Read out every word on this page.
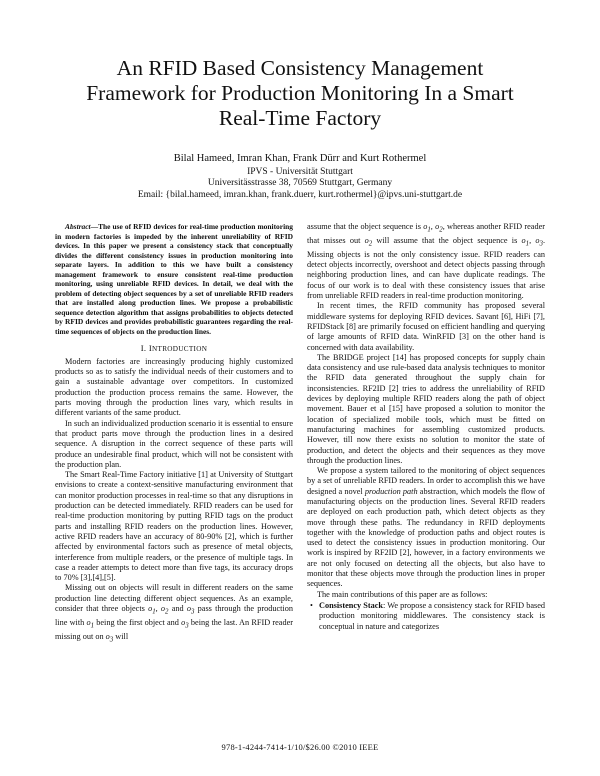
An RFID Based Consistency Management
Framework for Production Monitoring In a Smart
Real-Time Factory
Bilal Hameed, Imran Khan, Frank Dürr and Kurt Rothermel
IPVS - Universität Stuttgart
Universitässtrasse 38, 70569 Stuttgart, Germany
Email: {bilal.hameed, imran.khan, frank.duerr, kurt.rothermel}@ipvs.uni-stuttgart.de

Abstract—The use of RFID devices for real-time production monitoring in modern factories is impeded by the inherent unreliability of RFID devices. In this paper we present a consistency stack that conceptually divides the different consistency issues in production monitoring into separate layers. In addition to this we have built a consistency management framework to ensure consistent real-time production monitoring, using unreliable RFID devices. In detail, we deal with the problem of detecting object sequences by a set of unreliable RFID readers that are installed along production lines. We propose a probabilistic sequence detection algorithm that assigns probabilities to objects detected by RFID devices and provides probabilistic guarantees regarding the real-time sequences of objects on the production lines.

I. INTRODUCTION

Modern factories are increasingly producing highly customized products so as to satisfy the individual needs of their customers and to gain a sustainable advantage over competitors. In customized production the production process remains the same. However, the parts moving through the production lines vary, which results in different variants of the same product.

In such an individualized production scenario it is essential to ensure that product parts move through the production lines in a desired sequence. A disruption in the correct sequence of these parts will produce an undesirable final product, which will not be consistent with the production plan.

The Smart Real-Time Factory initiative [1] at University of Stuttgart envisions to create a context-sensitive manufacturing environment that can monitor production processes in real-time so that any disruptions in production can be detected immediately. RFID readers can be used for real-time production monitoring by putting RFID tags on the product parts and installing RFID readers on the production lines. However, active RFID readers have an accuracy of 80-90% [2], which is further affected by environmental factors such as presence of metal objects, interference from multiple readers, or the presence of multiple tags. In case a reader attempts to detect more than five tags, its accuracy drops to 70% [3],[4],[5].

Missing out on objects will result in different readers on the same production line detecting different object sequences. As an example, consider that three objects $o_1$, $o_2$ and $o_3$ pass through the production line with $o_1$ being the first object and $o_3$ being the last. An RFID reader missing out on $o_3$ will

assume that the object sequence is $o_1$, $o_2$, whereas another RFID reader that misses out $o_2$ will assume that the object sequence is $o_1$, $o_3$. Missing objects is not the only consistency issue. RFID readers can detect objects incorrectly, overshoot and detect objects passing through neighboring production lines, and can have duplicate readings. The focus of our work is to deal with these consistency issues that arise from unreliable RFID readers in real-time production monitoring.

In recent times, the RFID community has proposed several middleware systems for deploying RFID devices. Savant [6], HiFi [7], RFIDStack [8] are primarily focused on efficient handling and querying of large amounts of RFID data. WinRFID [3] on the other hand is concerned with data availability.

The BRIDGE project [14] has proposed concepts for supply chain data consistency and use rule-based data analysis techniques to monitor the RFID data generated throughout the supply chain for inconsistencies. RF2ID [2] tries to address the unreliability of RFID devices by deploying multiple RFID readers along the path of object movement. Bauer et al [15] have proposed a solution to monitor the location of specialized mobile tools, which must be fitted on manufacturing machines for assembling customized products. However, till now there exists no solution to monitor the state of production, and detect the objects and their sequences as they move through the production lines.

We propose a system tailored to the monitoring of object sequences by a set of unreliable RFID readers. In order to accomplish this we have designed a novel production path abstraction, which models the flow of manufacturing objects on the production lines. Several RFID readers are deployed on each production path, which detect objects as they move through these paths. The redundancy in RFID deployments together with the knowledge of production paths and object routes is used to detect the consistency issues in production monitoring. Our work is inspired by RF2ID [2], however, in a factory environments we are not only focused on detecting all the objects, but also have to monitor that these objects move through the production lines in proper sequences.

The main contributions of this paper are as follows:

• Consistency Stack: We propose a consistency stack for RFID based production monitoring middlewares. The consistency stack is conceptual in nature and categorizes
978-1-4244-7414-1/10/$26.00 ©2010 IEEE
